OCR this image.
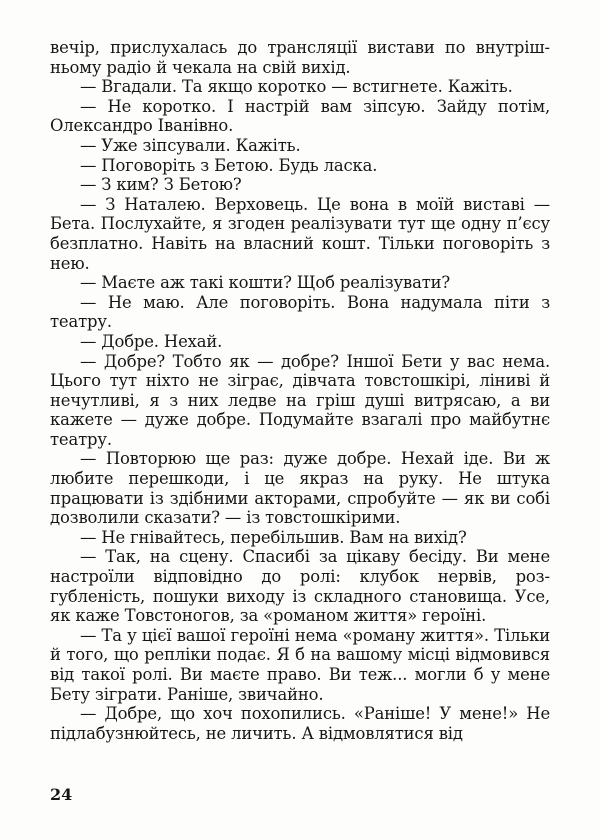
вечір, прислухалась до трансляції вистави по внутрішньому радіо й чекала на свій вихід.

— Вгадали. Та якщо коротко — встигнете. Кажіть.

— Не коротко. І настрій вам зіпсую. Зайду потім, Олександро Іванівно.

— Уже зіпсували. Кажіть.

— Поговоріть з Бетою. Будь ласка.

— З ким? З Бетою?

— З Наталею. Верховець. Це вона в моїй виставі — Бета. Послухайте, я згоден реалізувати тут ще одну п’єсу безплатно. Навіть на власний кошт. Тільки поговоріть з нею.

— Маєте аж такі кошти? Щоб реалізувати?

— Не маю. Але поговоріть. Вона надумала піти з театру.

— Добре. Нехай.

— Добре? Тобто як — добре? Іншої Бети у вас нема. Цього тут ніхто не зіграє, дівчата товстошкірі, ліниві й нечутливі, я з них ледве на гріш душі витрясаю, а ви кажете — дуже добре. Подумайте взагалі про майбутнє театру.

— Повторюю ще раз: дуже добре. Нехай іде. Ви ж любите перешкоди, і це якраз на руку. Не штука працювати із здібними акторами, спробуйте — як ви собі дозволили сказати? — із товстошкірими.

— Не гнівайтесь, перебільшив. Вам на вихід?

— Так, на сцену. Спасибі за цікаву бесіду. Ви мене настроїли відповідно до ролі: клубок нервів, розгубленість, пошуки виходу із складного становища. Усе, як каже Товстоногов, за «романом життя» героїні.

— Та у цієї вашої героїні нема «роману життя». Тільки й того, що репліки подає. Я б на вашому місці відмовився від такої ролі. Ви маєте право. Ви теж... могли б у мене Бету зіграти. Раніше, звичайно.

— Добре, що хоч похопились. «Раніше! У мене!» Не підлабузнюйтесь, не личить. А відмовлятися від

24
